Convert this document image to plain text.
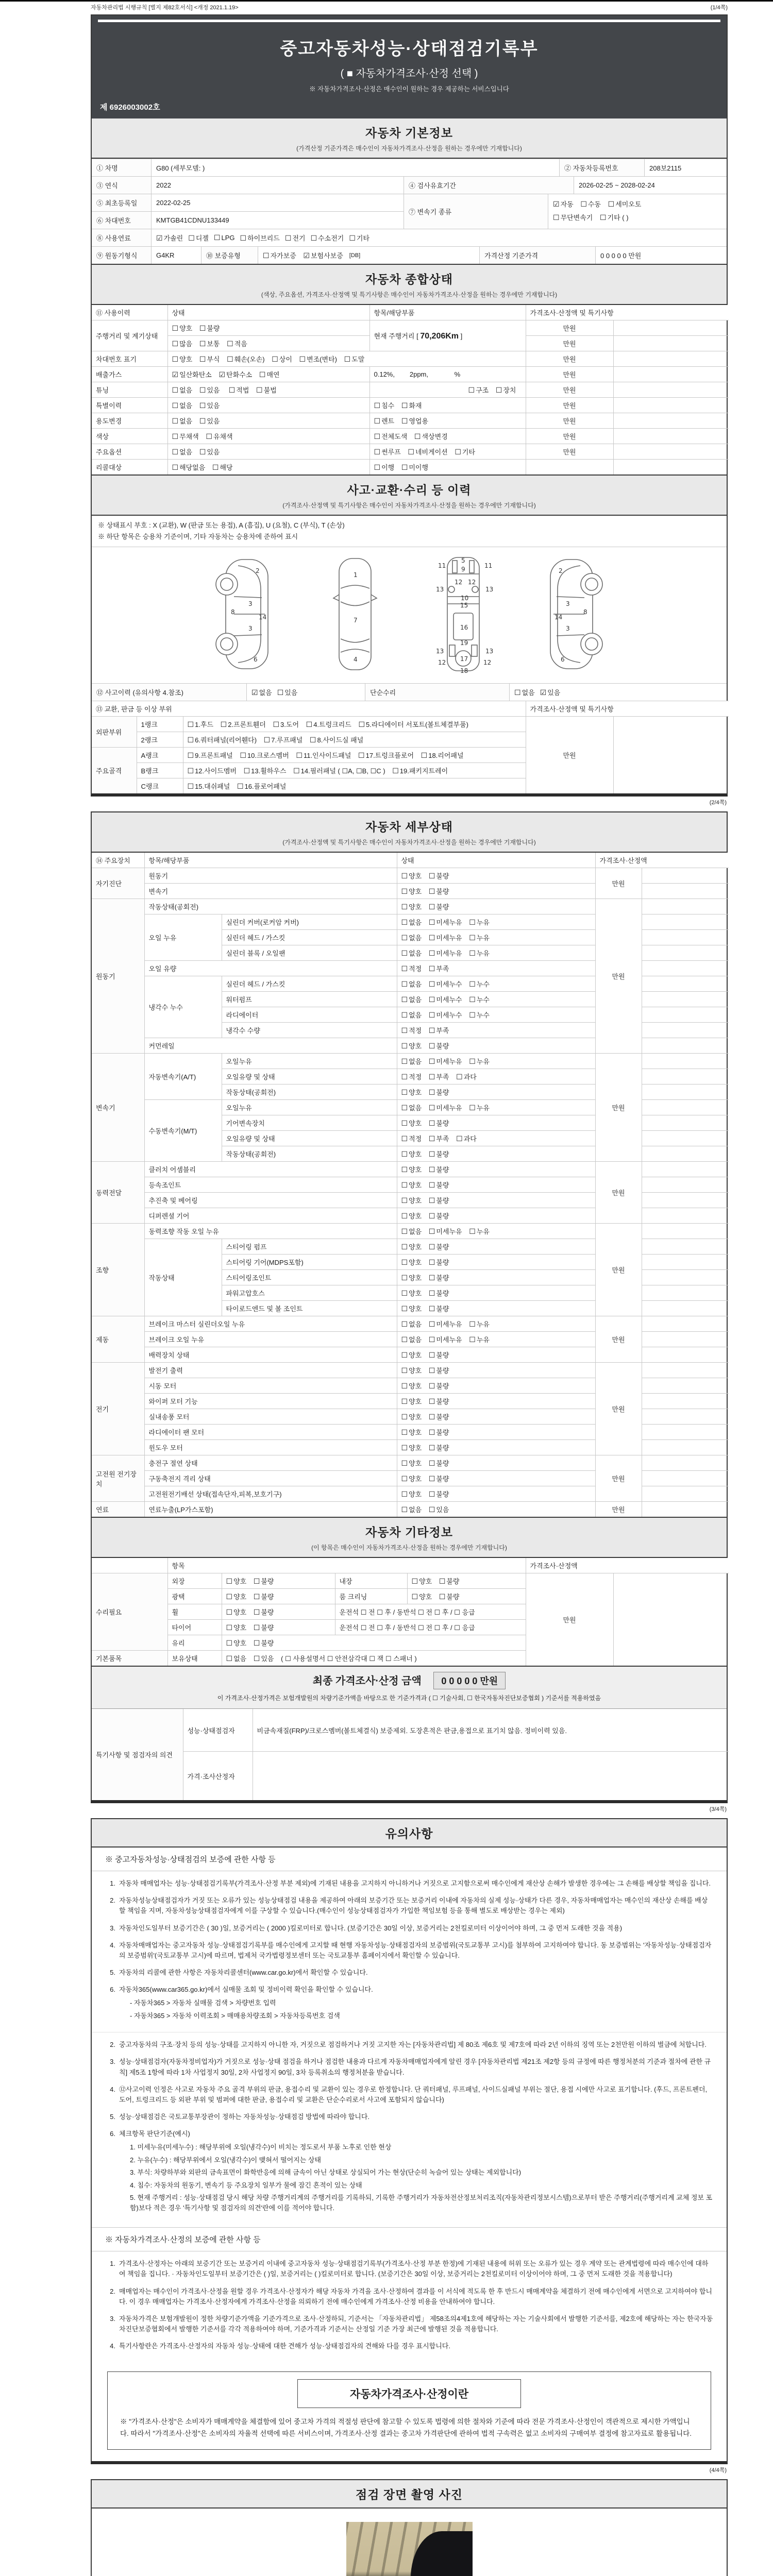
자동차관리법 시행규칙 [별지 제82호서식] <개정 2021.1.19>	(1/4쪽)
중고자동차성능·상태점검기록부
( ■ 자동차가격조사·산정 선택 )
※ 자동차가격조사·산정은 매수인이 원하는 경우 제공하는 서비스입니다
제 6926003002호
자동차 기본정보
(가격산정 기준가격은 매수인이 자동차가격조사·산정을 원하는 경우에만 기재합니다)
① 차명	G80 (세부모델: )	② 자동차등록번호	208보2115
③ 연식	2022	④ 검사유효기간	2026-02-25 ~ 2028-02-24
⑤ 최초등록일	2022-02-25
⑥ 차대번호	KMTGB41CDNU133449
⑦ 변속기 종류
☑ 자동 ☐ 수동 ☐ 세미오토
☐ 무단변속기 ☐ 기타 ( )
⑧ 사용연료	☑ 가솔린 ☐ 디젤 ☐ LPG ☐ 하이브리드 ☐ 전기 ☐ 수소전기 ☐ 기타
⑨ 원동기형식	G4KR	⑩ 보증유형	☐ 자가보증 ☑ 보험사보증	[DB]	가격산정 기준가격	0 0 0 0 0 만원
자동차 종합상태
(색상, 주요옵션, 가격조사·산정액 및 특기사항은 매수인이 자동차가격조사·산정을 원하는 경우에만 기재합니다)
⑪ 사용이력	상태	항목/해당부품	가격조사·산정액 및 특기사항	
주행거리 및 계기상태	☐ 양호 ☐ 불량	현재 주행거리 [ 70,206Km ]	만원	
	☐ 많음 ☐ 보통 ☐ 적음		만원	
차대번호 표기	☐ 양호 ☐ 부식 ☐ 훼손(오손) ☐ 상이 ☐ 변조(변타) ☐ 도말		만원	
배출가스	☑ 일산화탄소 ☑ 탄화수소 ☐ 매연	0.12%,        2ppm,              %	만원	
튜닝	☐ 없음 ☐ 있음 ☐ 적법 ☐ 불법	☐ 구조 ☐ 장치	만원	
특별이력	☐ 없음 ☐ 있음	☐ 침수 ☐ 화재	만원	
용도변경	☐ 없음 ☐ 있음	☐ 렌트 ☐ 영업용	만원	
색상	☐ 무채색 ☐ 유채색	☐ 전체도색 ☐ 색상변경	만원	
주요옵션	☐ 없음 ☐ 있음	☐ 썬루프 ☐ 네비게이션 ☐ 기타	만원	
리콜대상	☐ 해당없음 ☐ 해당	☐ 이행 ☐ 미이행		
사고·교환·수리 등 이력
(가격조사·산정액 및 특기사항은 매수인이 자동차가격조사·산정을 원하는 경우에만 기재합니다)
※ 상태표시 부호 : X (교환), W (판금 또는 용접), A (흠집), U (요철), C (부식), T (손상)
※ 하단 항목은 승용차 기준이며, 기타 자동차는 승용차에 준하여 표시
2
8
3
14
3
6
1
7
4
5
9
11	11
13	13
12 12
10
15
16
19
13	13
12	12
17
18
2
8
3
14
3
6
⑫ 사고이력 (유의사항 4.참조)	☑ 없음 ☐ 있음	단순수리	☐ 없음 ☑ 있음
⑬ 교환, 판금 등 이상 부위			가격조사·산정액 및 특기사항	
외판부위	1랭크	☐ 1.후드 ☐ 2.프론트휀더 ☐ 3.도어 ☐ 4.트렁크리드 ☐ 5.라디에이터 서포트(볼트체결부품)	만원	
	2랭크	☐ 6.쿼터패널(리어휀다) ☐ 7.루프패널 ☐ 8.사이드실 패널		
주요골격	A랭크	☐ 9.프론트패널 ☐ 10.크로스멤버 ☐ 11.인사이드패널 ☐ 17.트렁크플로어 ☐ 18.리어패널		
	B랭크	☐ 12.사이드멤버 ☐ 13.휠하우스 ☐ 14.필러패널 ( ☐A, ☐B, ☐C ) ☐ 19.패키지트레이		
	C랭크	☐ 15.대쉬패널 ☐ 16.플로어패널		
(2/4쪽)
자동차 세부상태
(가격조사·산정액 및 특기사항은 매수인이 자동차가격조사·산정을 원하는 경우에만 기재합니다)
⑭ 주요장치	항목/해당부품		상태	가격조사·산정액	
자기진단	원동기		☐ 양호 ☐ 불량	만원	
	변속기		☐ 양호 ☐ 불량		
원동기	작동상태(공회전)		☐ 양호 ☐ 불량	만원	
	오일 누유	실린더 커버(로커암 커버)	☐ 없음 ☐ 미세누유 ☐ 누유		
		실린더 헤드 / 가스킷	☐ 없음 ☐ 미세누유 ☐ 누유		
		실린더 블록 / 오일팬	☐ 없음 ☐ 미세누유 ☐ 누유		
	오일 유량		☐ 적정 ☐ 부족		
	냉각수 누수	실린더 헤드 / 가스킷	☐ 없음 ☐ 미세누수 ☐ 누수		
		워터펌프	☐ 없음 ☐ 미세누수 ☐ 누수		
		라디에이터	☐ 없음 ☐ 미세누수 ☐ 누수		
		냉각수 수량	☐ 적정 ☐ 부족		
	커먼레일		☐ 양호 ☐ 불량		
변속기	자동변속기(A/T)	오일누유	☐ 없음 ☐ 미세누유 ☐ 누유	만원	
		오일유량 및 상태	☐ 적정 ☐ 부족 ☐ 과다		
		작동상태(공회전)	☐ 양호 ☐ 불량		
	수동변속기(M/T)	오일누유	☐ 없음 ☐ 미세누유 ☐ 누유		
		기어변속장치	☐ 양호 ☐ 불량		
		오일유량 및 상태	☐ 적정 ☐ 부족 ☐ 과다		
		작동상태(공회전)	☐ 양호 ☐ 불량		
동력전달	클러치 어셈블리		☐ 양호 ☐ 불량	만원	
	등속조인트		☐ 양호 ☐ 불량		
	추진축 및 베어링		☐ 양호 ☐ 불량		
	디퍼렌셜 기어		☐ 양호 ☐ 불량		
조향	동력조향 작동 오일 누유		☐ 없음 ☐ 미세누유 ☐ 누유	만원	
	작동상태	스티어링 펌프	☐ 양호 ☐ 불량		
		스티어링 기어(MDPS포함)	☐ 양호 ☐ 불량		
		스티어링조인트	☐ 양호 ☐ 불량		
		파워고압호스	☐ 양호 ☐ 불량		
		타이로드엔드 및 볼 조인트	☐ 양호 ☐ 불량		
제동	브레이크 마스터 실린더오일 누유		☐ 없음 ☐ 미세누유 ☐ 누유	만원	
	브레이크 오일 누유		☐ 없음 ☐ 미세누유 ☐ 누유		
	배력장치 상태		☐ 양호 ☐ 불량		
전기	발전기 출력		☐ 양호 ☐ 불량	만원	
	시동 모터		☐ 양호 ☐ 불량		
	와이퍼 모터 기능		☐ 양호 ☐ 불량		
	실내송풍 모터		☐ 양호 ☐ 불량		
	라디에이터 팬 모터		☐ 양호 ☐ 불량		
	윈도우 모터		☐ 양호 ☐ 불량		
고전원 전기장치	충전구 절연 상태		☐ 양호 ☐ 불량	만원	
	구동축전지 격리 상태		☐ 양호 ☐ 불량		
	고전원전기배선 상태(접속단자,피복,보호기구)		☐ 양호 ☐ 불량		
연료	연료누출(LP가스포함)		☐ 없음 ☐ 있음	만원	
자동차 기타정보
(이 항목은 매수인이 자동차가격조사·산정을 원하는 경우에만 기재합니다)
	항목				가격조사·산정액	
수리필요	외장	☐ 양호 ☐ 불량	내장	☐ 양호 ☐ 불량	만원	
	광택	☐ 양호 ☐ 불량	룸 크리닝	☐ 양호 ☐ 불량		
	휠	☐ 양호 ☐ 불량	운전석 ☐ 전 ☐ 후 / 동반석 ☐ 전 ☐ 후 / ☐ 응급			
	타이어	☐ 양호 ☐ 불량	운전석 ☐ 전 ☐ 후 / 동반석 ☐ 전 ☐ 후 / ☐ 응급			
	유리	☐ 양호 ☐ 불량				
기본품목	보유상태	☐ 없음 ☐ 있음 ( ☐ 사용설명서 ☐ 안전삼각대 ☐ 잭 ☐ 스패너 )				
최종 가격조사·산정 금액 0 0 0 0 0 만원
이 가격조사·산정가격은 보험개발원의 차량기준가액을 바탕으로 한 기준가격과 ( ☐ 기술사회, ☐ 한국자동차진단보증협회 ) 기준서를 적용하였음
특기사항 및 점검자의 의견	성능·상태점검자	비금속재질(FRP)/크로스멤버(볼트체결식) 보증제외. 도장흔적은 판금,용접으로 표기치 않음. 정비이력 있음.
	가격·조사산정자	
(3/4쪽)
유의사항
※ 중고자동차성능·상태점검의 보증에 관한 사항 등
1. 자동차 매매업자는 성능·상태점검기록부(가격조사·산정 부분 제외)에 기재된 내용을 고지하지 아니하거나 거짓으로 고지함으로써 매수인에게 재산상 손해가 발생한 경우에는 그 손해를 배상할 책임을 집니다.
2. 자동차성능상태점검자가 거짓 또는 오류가 있는 성능상태점검 내용을 제공하여 아래의 보증기간 또는 보증거리 이내에 자동차의 실제 성능·상태가 다른 경우, 자동차매매업자는 매수인의 재산상 손해를 배상할 책임을 지며, 자동차성능상태점검자에게 이를 구상할 수 있습니다.(매수인이 성능상태점검자가 가입한 책임보험 등을 통해 별도로 배상받는 경우는 제외)
3. 자동차인도일부터 보증기간은 ( 30 )일, 보증거리는 ( 2000 )킬로미터로 합니다. (보증기간은 30일 이상, 보증거리는 2천킬로미터 이상이어야 하며, 그 중 먼저 도래한 것을 적용)
4. 자동차매매업자는 중고자동차 성능·상태점검기록부를 매수인에게 고지할 때 현행 자동차성능·상태점검자의 보증범위(국토교통부 고시)를 첨부하여 고지하여야 합니다. 동 보증범위는 '자동차성능·상태점검자의 보증범위'(국토교통부 고시)에 따르며, 법제처 국가법령정보센터 또는 국토교통부 홈페이지에서 확인할 수 있습니다.
5. 자동차의 리콜에 관한 사항은 자동차리콜센터(www.car.go.kr)에서 확인할 수 있습니다.
6. 자동차365(www.car365.go.kr)에서 실매물 조회 및 정비이력 확인을 확인할 수 있습니다.
- 자동차365 > 자동차 실매물 검색 > 차량번호 입력
- 자동차365 > 자동차 이력조회 > 매매용차량조회 > 자동차등록번호 검색
2. 중고자동차의 구조·장치 등의 성능·상태를 고지하지 아니한 자, 거짓으로 점검하거나 거짓 고지한 자는 [자동차관리법] 제 80조 제6호 및 제7호에 따라 2년 이하의 징역 또는 2천만원 이하의 벌금에 처합니다.
3. 성능·상태점검자(자동차정비업자)가 거짓으로 성능·상태 점검을 하거나 점검한 내용과 다르게 자동차매매업자에게 알린 경우 [자동차관리법 제21조 제2항 등의 규정에 따른 행정처분의 기준과 절차에 관한 규칙] 제5조 1항에 따라 1차 사업정지 30일, 2차 사업정지 90일, 3차 등록취소의 행정처분을 받습니다.
4. ⑫사고이력 인정은 사고로 자동차 주요 골격 부위의 판금, 용접수리 및 교환이 있는 경우로 한정합니다. 단 쿼터패널, 루프패널, 사이드실패널 부위는 절단, 용접 시에만 사고로 표기합니다. (후드, 프론트펜더, 도어, 트렁크리드 등 외판 부위 및 범퍼에 대한 판금, 용접수리 및 교환은 단순수리로서 사고에 포함되지 않습니다)
5. 성능·상태점검은 국토교통부장관이 정하는 자동차성능·상태점검 방법에 따라야 합니다.
6. 체크항목 판단기준(예시)
1. 미세누유(미세누수) : 해당부위에 오일(냉각수)이 비치는 정도로서 부품 노후로 인한 현상
2. 누유(누수) : 해당부위에서 오일(냉각수)이 맺혀서 떨어지는 상태
3. 부식: 차량하부와 외판의 금속표면이 화학반응에 의해 금속이 아닌 상태로 상실되어 가는 현상(단순히 녹슬어 있는 상태는 제외합니다)
4. 침수: 자동차의 원동기, 변속기 등 주요장치 일부가 물에 잠긴 흔적이 있는 상태
5. 현재 주행거리 : 성능·상태점검 당시 해당 차량 주행거리계의 주행거리를 기록하되, 기록한 주행거리가 자동차전산정보처리조직(자동차관리정보시스템)으로부터 받은 주행거리(주행거리계 교체 정보 포함)보다 적은 경우 '특기사항 및 점검자의 의견'란에 이를 적어야 합니다.
※ 자동차가격조사·산정의 보증에 관한 사항 등
1. 가격조사·산정자는 아래의 보증기간 또는 보증거리 이내에 중고자동차 성능·상태점검기록부(가격조사·산정 부분 한정)에 기재된 내용에 허위 또는 오류가 있는 경우 계약 또는 관계법령에 따라 매수인에 대하여 책임을 집니다. · 자동차인도일부터 보증기간은 ( )일, 보증거리는 ( )킬로미터로 합니다. (보증기간은 30일 이상, 보증거리는 2천킬로미터 이상이어야 하며, 그 중 먼저 도래한 것을 적용합니다)
2. 매매업자는 매수인이 가격조사·산정을 원할 경우 가격조사·산정자가 해당 자동차 가격을 조사·산정하여 결과를 이 서식에 적도록 한 후 반드시 매매계약을 체결하기 전에 매수인에게 서면으로 고지하여야 합니다. 이 경우 매매업자는 가격조사·산정자에게 가격조사·산정을 의뢰하기 전에 매수인에게 가격조사·산정 비용을 안내하여야 합니다.
3. 자동차가격은 보험개발원이 정한 차량기준가액을 기준가격으로 조사·산정하되, 기준서는 「자동차관리법」 제58조의4제1호에 해당하는 자는 기술사회에서 발행한 기준서를, 제2호에 해당하는 자는 한국자동차진단보증협회에서 발행한 기준서를 각각 적용하여야 하며, 기준가격과 기준서는 산정일 기준 가장 최근에 발행된 것을 적용합니다.
4. 특기사항란은 가격조사·산정자의 자동차 성능·상태에 대한 견해가 성능·상태점검자의 견해와 다를 경우 표시합니다.
자동차가격조사·산정이란
※ "가격조사·산정"은 소비자가 매매계약을 체결함에 있어 중고차 가격의 적절성 판단에 참고할 수 있도록 법령에 의한 절차와 기준에 따라 전문 가격조사·산정인이 객관적으로 제시한 가액입니다. 따라서 "가격조사·산정"은 소비자의 자율적 선택에 따른 서비스이며, 가격조사·산정 결과는 중고차 가격판단에 관하여 법적 구속력은 없고 소비자의 구매여부 결정에 참고자료로 활용됩니다.
(4/4쪽)
점검 장면 촬영 사진
